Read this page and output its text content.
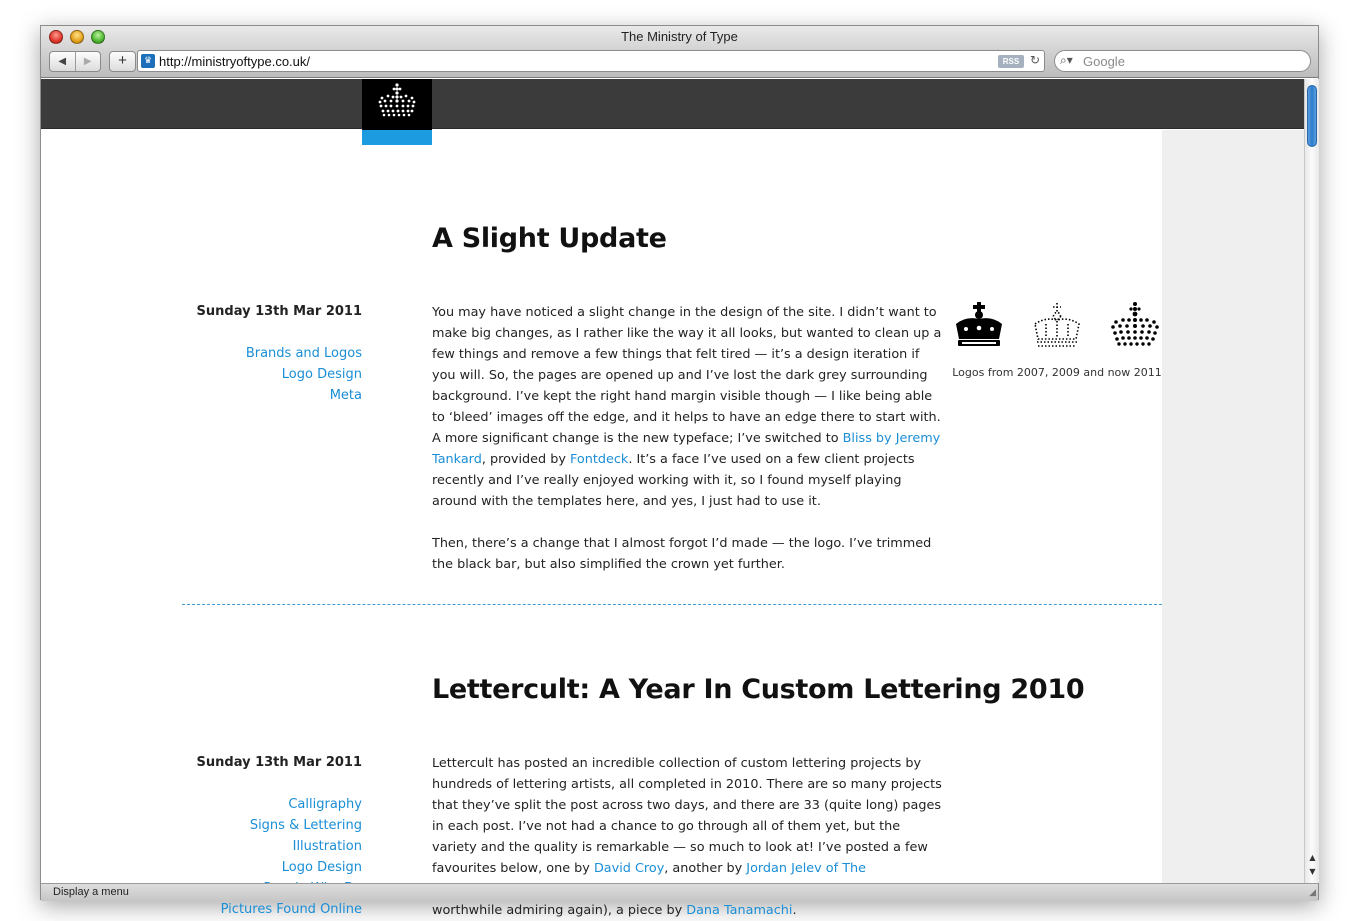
The Ministry of Type
◀ ▶	+	♛ http://ministryoftype.co.uk/	RSS ↻ ⌕▾
Google
A Slight Update
Sunday 13th Mar 2011
Brands and Logos
Logo Design
Meta

You may have noticed a slight change in the design of the site. I didn’t want to make big changes, as I rather like the way it all looks, but wanted to clean up a few things and remove a few things that felt tired — it’s a design iteration if you will. So, the pages are opened up and I’ve lost the dark grey surrounding background. I’ve kept the right hand margin visible though — I like being able to ‘bleed’ images off the edge, and it helps to have an edge there to start with. A more significant change is the new typeface; I’ve switched to Bliss by Jeremy Tankard, provided by Fontdeck. It’s a face I’ve used on a few client projects recently and I’ve really enjoyed working with it, so I found myself playing around with the templates here, and yes, I just had to use it.

Then, there’s a change that I almost forgot I’d made — the logo. I’ve trimmed the black bar, but also simplified the crown yet further.

Logos from 2007, 2009 and now 2011
Lettercult: A Year In Custom Lettering 2010
Sunday 13th Mar 2011
Calligraphy
Signs & Lettering
Illustration
Logo Design
Pictures Found Online

Lettercult has posted an incredible collection of custom lettering projects by hundreds of lettering artists, all completed in 2010. There are so many projects that they’ve split the post across two days, and there are 33 (quite long) pages in each post. I’ve not had a chance to go through all of them yet, but the variety and the quality is remarkable — so much to look at! I’ve posted a few favourites below, one by David Croy, another by Jordan Jelev of The worthwhile admiring again), a piece by Dana Tanamachi.

▲
▼
Display a menu	◢
